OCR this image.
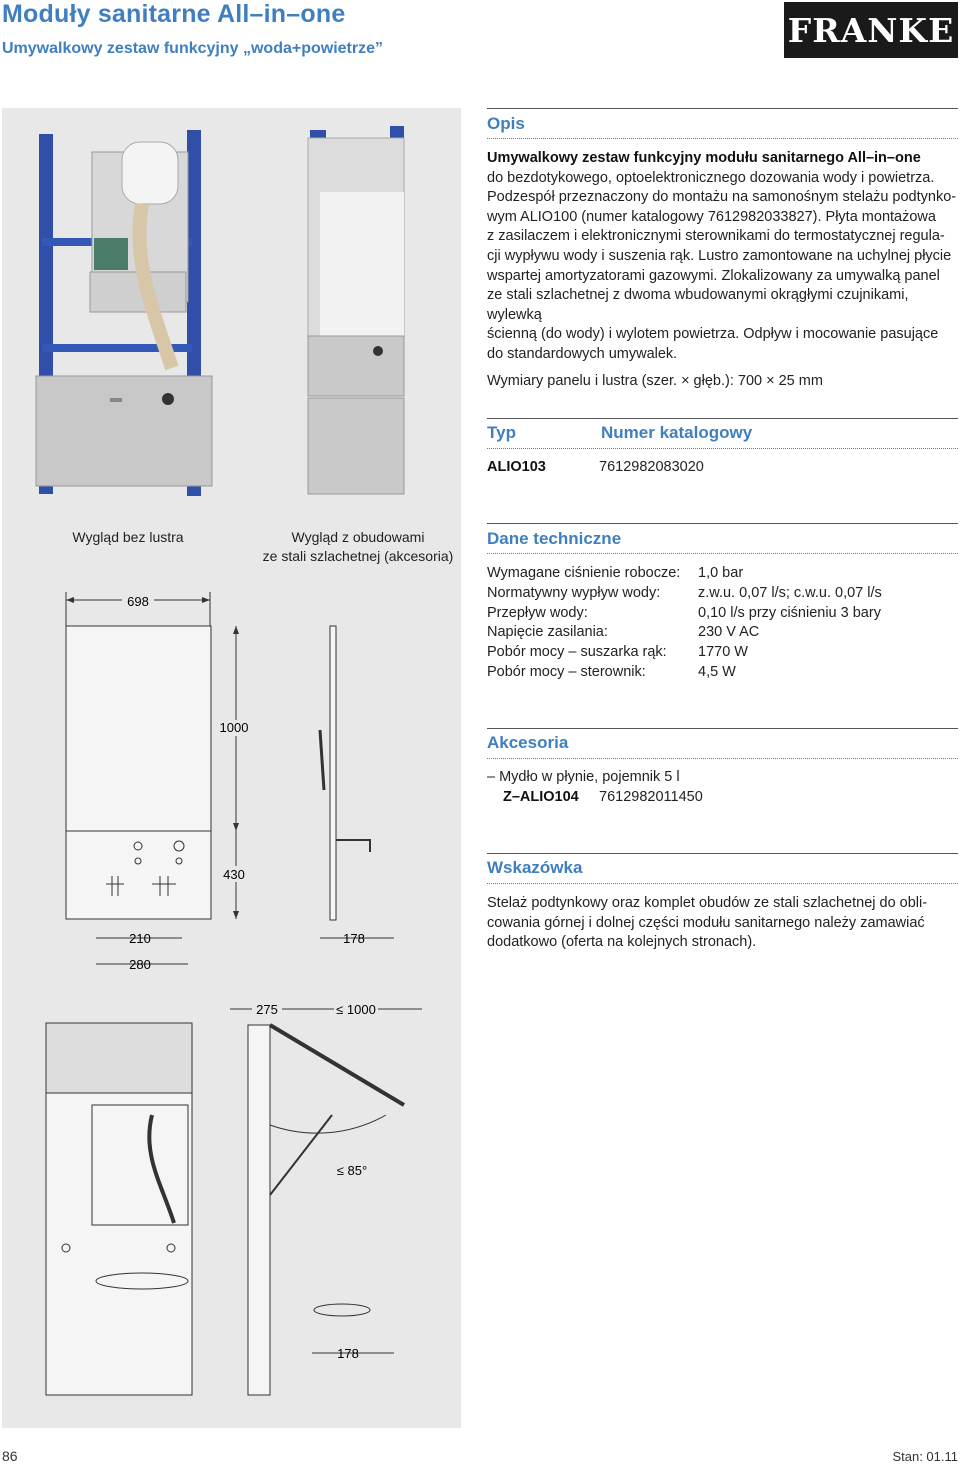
Moduły sanitarne All–in–one
Umywalkowy zestaw funkcyjny „woda+powietrze”	FRANKE
Wygląd bez lustra	Wygląd z obudowami
ze stali szlachetnej (akcesoria)
698
1000
430
210
280
178
≤ 85°
275	≤ 1000
178
Opis
Umywalkowy zestaw funkcyjny modułu sanitarnego All–in–one
do bezdotykowego, optoelektronicznego dozowania wody i powietrza.
Podzespół przeznaczony do montażu na samonośnym stelażu podtynko-
wym ALIO100 (numer katalogowy 7612982033827). Płyta montażowa
z zasilaczem i elektronicznymi sterownikami do termostatycznej regula-
cji wypływu wody i suszenia rąk. Lustro zamontowane na uchylnej płycie
wspartej amortyzatorami gazowymi. Zlokalizowany za umywalką panel
ze stali szlachetnej z dwoma wbudowanymi okrągłymi czujnikami, wylewką
ścienną (do wody) i wylotem powietrza. Odpływ i mocowanie pasujące
do standardowych umywalek.
Wymiary panelu i lustra (szer. × głęb.): 700 × 25 mm
Typ	Numer katalogowy
ALIO103	7612982083020
Dane techniczne
Wymagane ciśnienie robocze:	1,0 bar
Normatywny wypływ wody:	z.w.u. 0,07 l/s; c.w.u. 0,07 l/s
Przepływ wody:	0,10 l/s przy ciśnieniu 3 bary
Napięcie zasilania:	230 V AC
Pobór mocy – suszarka rąk:	1770 W
Pobór mocy – sterownik:	4,5 W
Akcesoria
– Mydło w płynie, pojemnik 5 l
Z–ALIO104 7612982011450
Wskazówka
Stelaż podtynkowy oraz komplet obudów ze stali szlachetnej do obli-
cowania górnej i dolnej części modułu sanitarnego należy zamawiać
dodatkowo (oferta na kolejnych stronach).
86	Stan: 01.11
